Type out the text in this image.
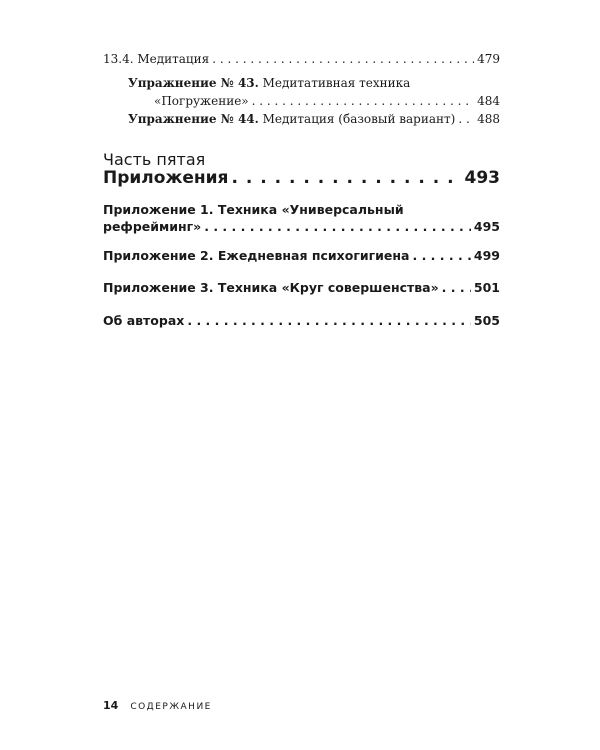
13.4. Медитация . . .	479
Упражнение № 43. Медитативная техника
«Погружение» . . .	484
Упражнение № 44. Медитация (базовый вариант) . . . 488
Часть пятая
Приложения . . .	493
Приложение 1. Техника «Универсальный
рефрейминг» . . .	495
Приложение 2. Ежедневная психогигиена . . .	499
Приложение 3. Техника «Круг совершенства» . . .	501
Об авторах . . .	505
14 СОДЕРЖАНИЕ
